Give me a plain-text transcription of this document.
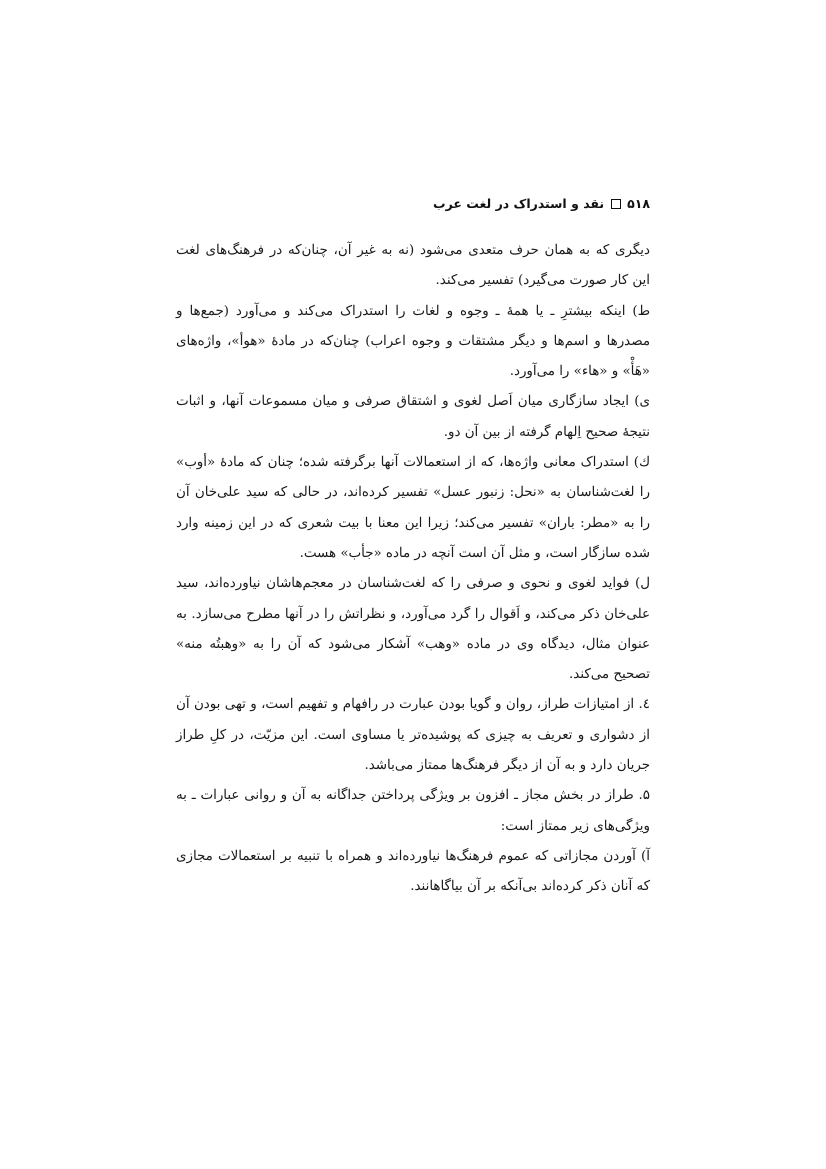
۵۱۸
نقد و استدراک در لغت عرب

دیگری که به همان حرف متعدی می‌شود (نه به غیر آن، چنان‌که در فرهنگ‌های لغت این کار صورت می‌گیرد) تفسیر می‌کند.

ط) اینکه بیشترِ ـ یا همهٔ ـ وجوه و لغات را استدراک می‌کند و می‌آورد (جمع‌ها و مصدرها و اسم‌ها و دیگر مشتقات و وجوه اعراب) چنان‌که در مادهٔ «هوأ»، واژه‌های «هَأْ» و «هاء» را می‌آورد.

ی) ایجاد سازگاری میان اَصل لغوی و اشتقاق صرفی و میان مسموعات آنها، و اثبات نتیجهٔ صحیح اِلهام گرفته از بین آن دو.

ك) استدراک معانی واژه‌ها، که از استعمالات آنها برگرفته شده؛ چنان که مادهٔ «أوب» را لغت‌شناسان به «نحل: زنبور عسل» تفسیر کرده‌اند، در حالی که سید علی‌خان آن را به «مطر: باران» تفسیر می‌کند؛ زیرا این معنا با بیت شعری که در این زمینه وارد شده سازگار است، و مثل آن است آنچه در ماده «جأب» هست.

ل) فواید لغوی و نحوی و صرفی را که لغت‌شناسان در معجم‌هاشان نیاورده‌اند، سید علی‌خان ذکر می‌کند، و اَقوال را گرد می‌آورد، و نظراتش را در آنها مطرح می‌سازد. به عنوان مثال، دیدگاه وی در ماده «وهب» آشکار می‌شود که آن را به «وهبتُه منه» تصحیح می‌کند.

٤. از امتیازات طراز، روان و گویا بودن عبارت در رافهام و تفهیم است، و تهی بودن آن از دشواری و تعریف به چیزی که پوشیده‌تر یا مساوی است. این مزیّت، در کلِ طراز جریان دارد و به آن از دیگر فرهنگ‌ها ممتاز می‌باشد.

۵. طراز در بخش مجاز ـ افزون بر ویژگی پرداختن جداگانه به آن و روانی عبارات ـ به ویژگی‌های زیر ممتاز است:

آ) آوردن مجازاتی که عموم فرهنگ‌ها نیاورده‌اند و همراه با تنبیه بر استعمالات مجازی که آنان ذکر کرده‌اند بی‌آنکه بر آن بیاگاهانند.
